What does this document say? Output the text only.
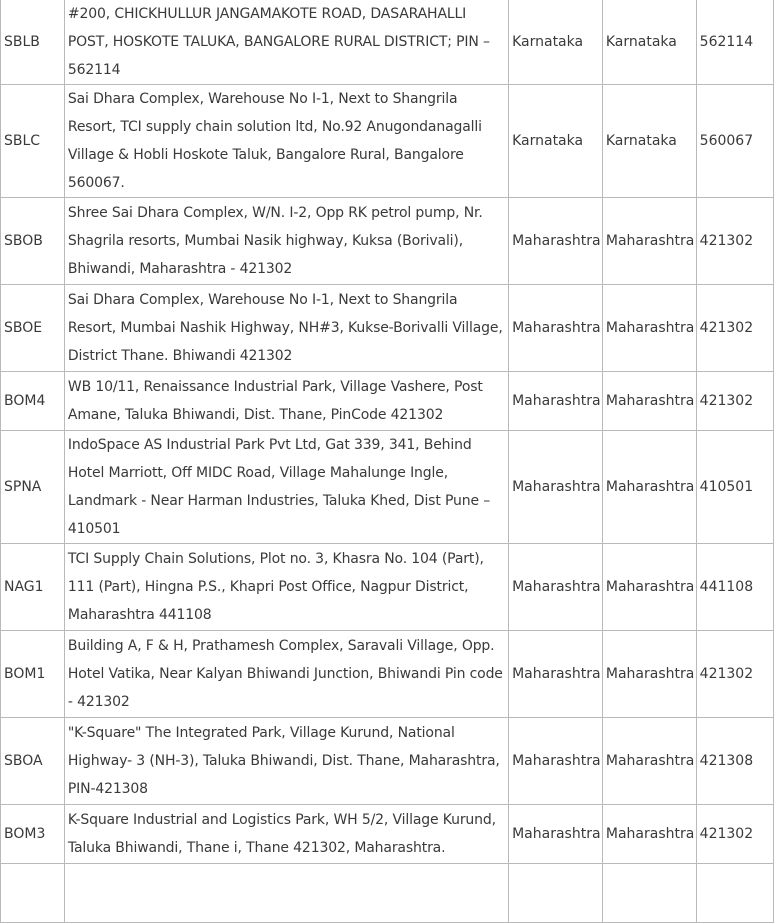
SBLB	#200, CHICKHULLUR JANGAMAKOTE ROAD, DASARAHALLI POST, HOSKOTE TALUKA, BANGALORE RURAL DISTRICT; PIN – 562114	Karnataka	Karnataka	562114
SBLC	Sai Dhara Complex, Warehouse No I-1, Next to Shangrila Resort, TCI supply chain solution ltd, No.92 Anugondanagalli Village & Hobli Hoskote Taluk, Bangalore Rural, Bangalore 560067.	Karnataka	Karnataka	560067
SBOB	Shree Sai Dhara Complex, W/N. I-2, Opp RK petrol pump, Nr. Shagrila resorts, Mumbai Nasik highway, Kuksa (Borivali), Bhiwandi, Maharashtra - 421302	Maharashtra	Maharashtra	421302
SBOE	Sai Dhara Complex, Warehouse No I-1, Next to Shangrila Resort, Mumbai Nashik Highway, NH#3, Kukse-Borivalli Village, District Thane. Bhiwandi 421302	Maharashtra	Maharashtra	421302
BOM4	WB 10/11, Renaissance Industrial Park, Village Vashere, Post Amane, Taluka Bhiwandi, Dist. Thane, PinCode 421302	Maharashtra	Maharashtra	421302
SPNA	IndoSpace AS Industrial Park Pvt Ltd, Gat 339, 341, Behind Hotel Marriott, Off MIDC Road, Village Mahalunge Ingle, Landmark - Near Harman Industries, Taluka Khed, Dist Pune – 410501	Maharashtra	Maharashtra	410501
NAG1	TCI Supply Chain Solutions, Plot no. 3, Khasra No. 104 (Part), 111 (Part), Hingna P.S., Khapri Post Office, Nagpur District, Maharashtra 441108	Maharashtra	Maharashtra	441108
BOM1	Building A, F & H, Prathamesh Complex, Saravali Village, Opp. Hotel Vatika, Near Kalyan Bhiwandi Junction, Bhiwandi Pin code - 421302	Maharashtra	Maharashtra	421302
SBOA	"K-Square" The Integrated Park, Village Kurund, National Highway- 3 (NH-3), Taluka Bhiwandi, Dist. Thane, Maharashtra, PIN-421308	Maharashtra	Maharashtra	421308
BOM3	K-Square Industrial and Logistics Park, WH 5/2, Village Kurund, Taluka Bhiwandi, Thane i, Thane 421302, Maharashtra.	Maharashtra	Maharashtra	421302
